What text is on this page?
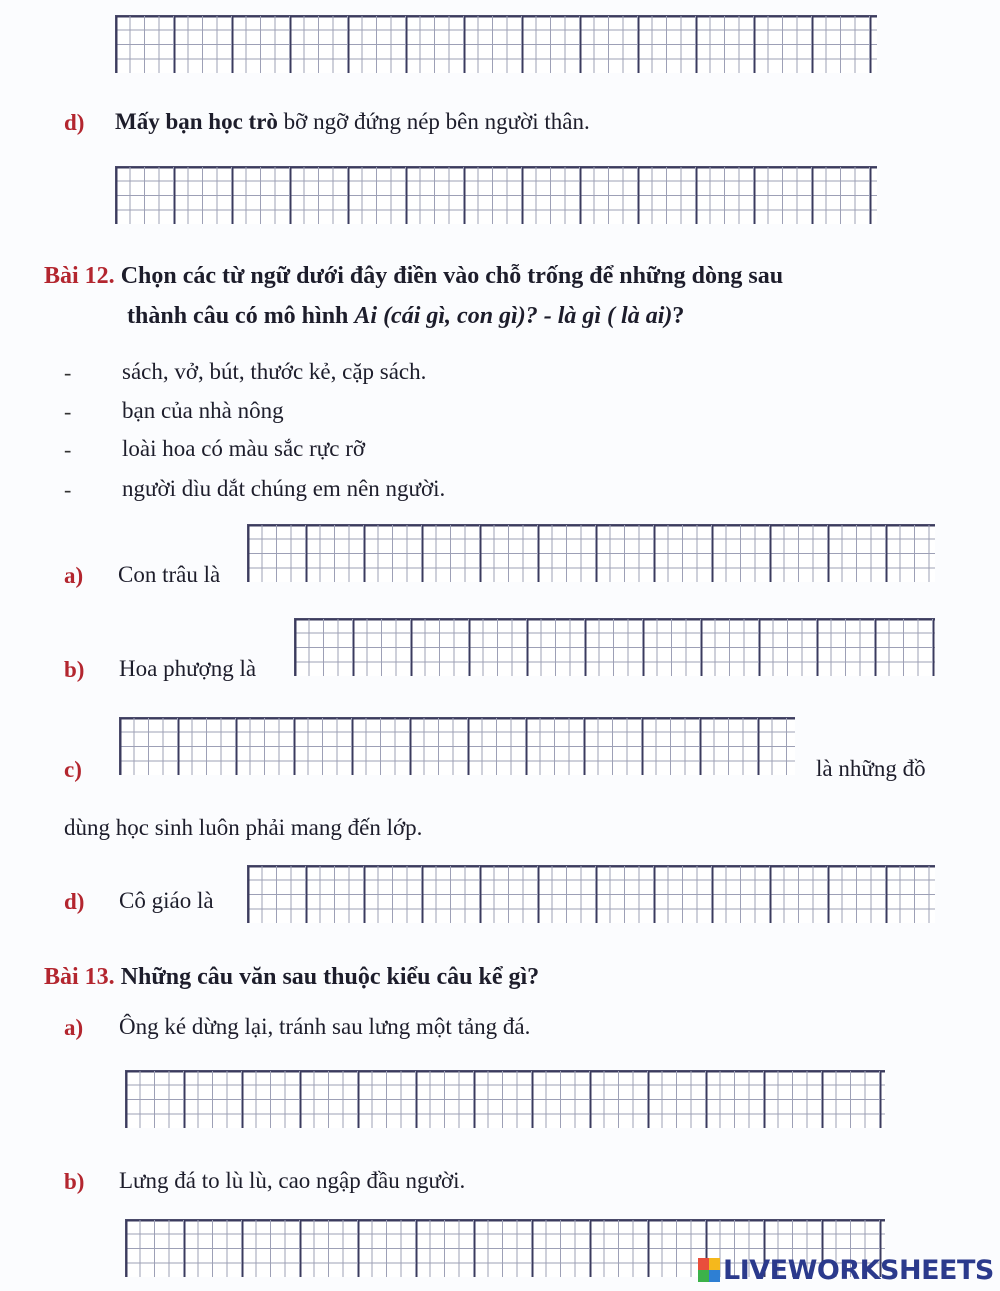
d) Mấy bạn học trò bỡ ngỡ đứng nép bên người thân.
Bài 12. Chọn các từ ngữ dưới đây điền vào chỗ trống để những dòng sau
thành câu có mô hình Ai (cái gì, con gì)? - là gì ( là ai)?
- sách, vở, bút, thước kẻ, cặp sách.
- bạn của nhà nông
- loài hoa có màu sắc rực rỡ
- người dìu dắt chúng em nên người.
a) Con trâu là
b) Hoa phượng là
c)	là những đồ
dùng học sinh luôn phải mang đến lớp.
d) Cô giáo là
Bài 13. Những câu văn sau thuộc kiểu câu kể gì?
a) Ông ké dừng lại, tránh sau lưng một tảng đá.
b) Lưng đá to lù lù, cao ngập đầu người.
LIVEWORKSHEETS
